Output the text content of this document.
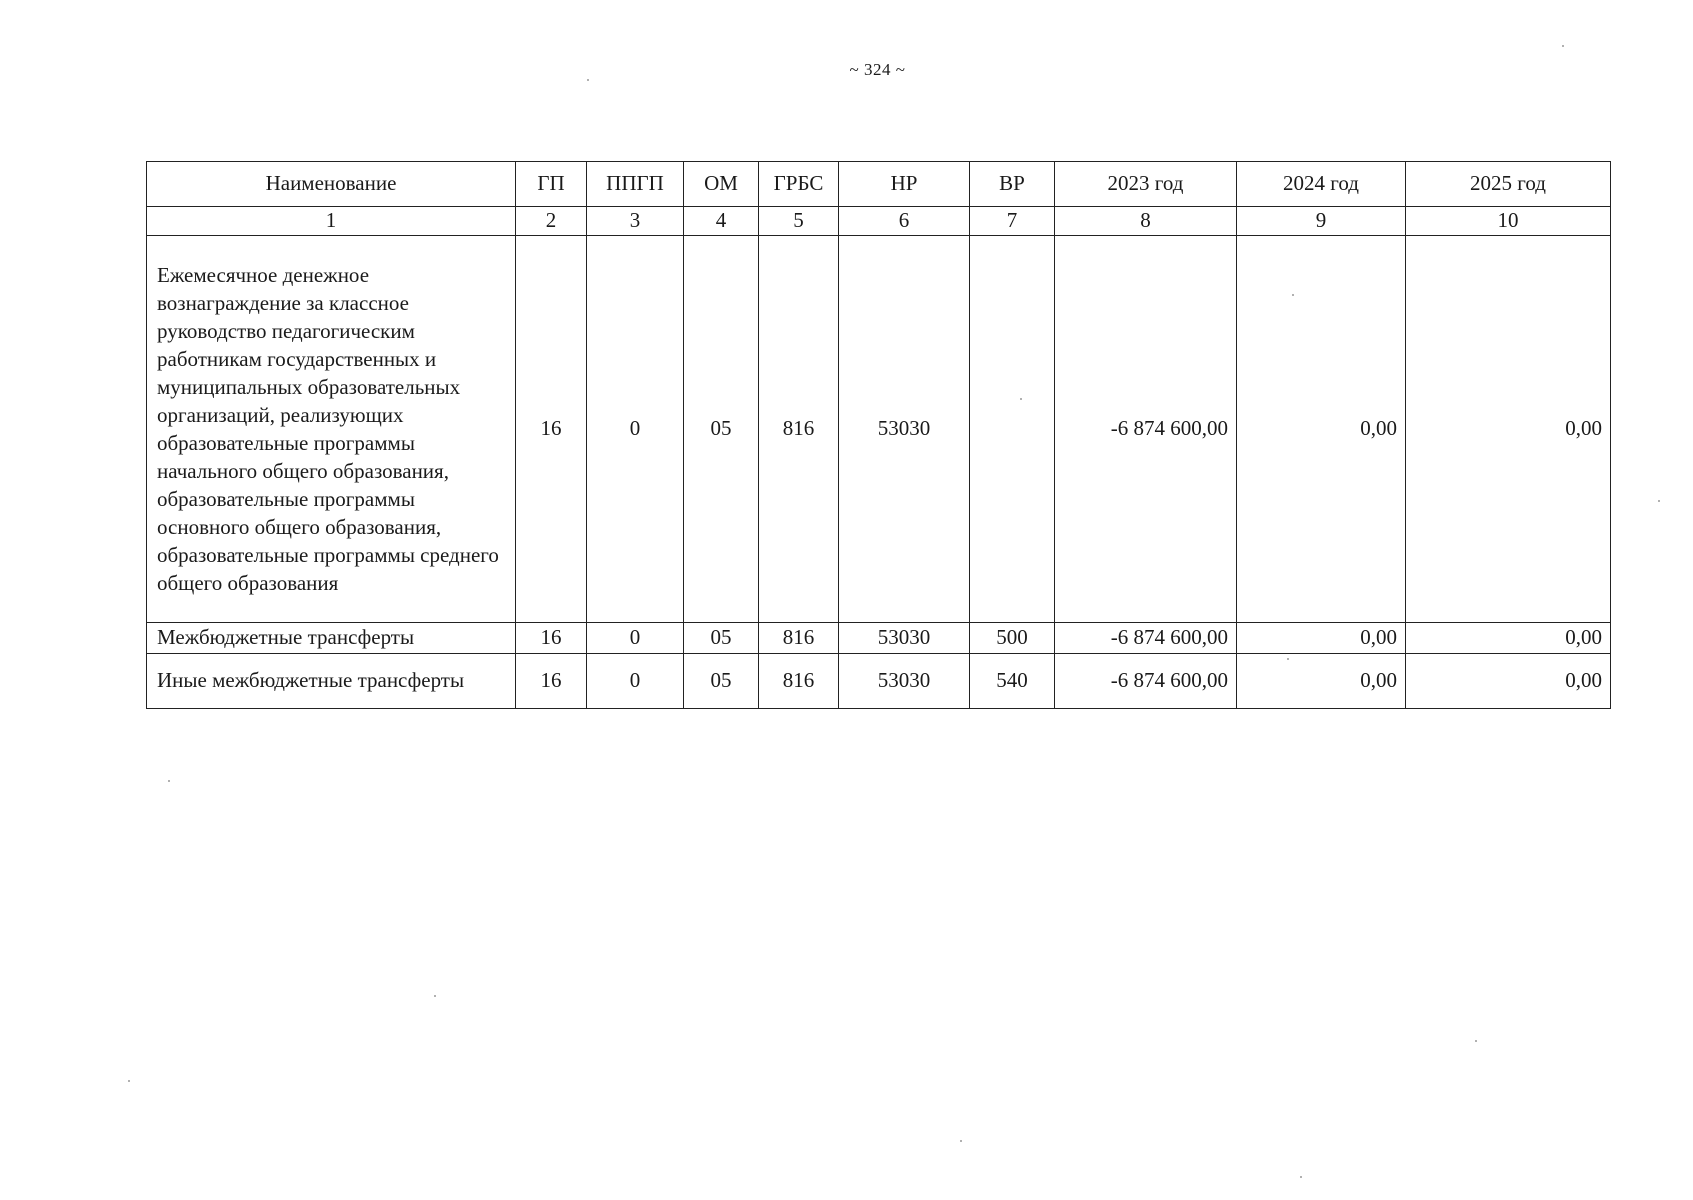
~ 324 ~
Наименование	ГП	ППГП	ОМ	ГРБС	НР	ВР	2023 год	2024 год	2025 год
1	2	3	4	5	6	7	8	9	10
Ежемесячное денежное вознаграждение за классное руководство педагогическим работникам государственных и муниципальных образовательных организаций, реализующих образовательные программы начального общего образования, образовательные программы основного общего образования, образовательные программы среднего общего образования	16	0	05	816	53030		-6 874 600,00	0,00	0,00
Межбюджетные трансферты	16	0	05	816	53030	500	-6 874 600,00	0,00	0,00
Иные межбюджетные трансферты	16	0	05	816	53030	540	-6 874 600,00	0,00	0,00
